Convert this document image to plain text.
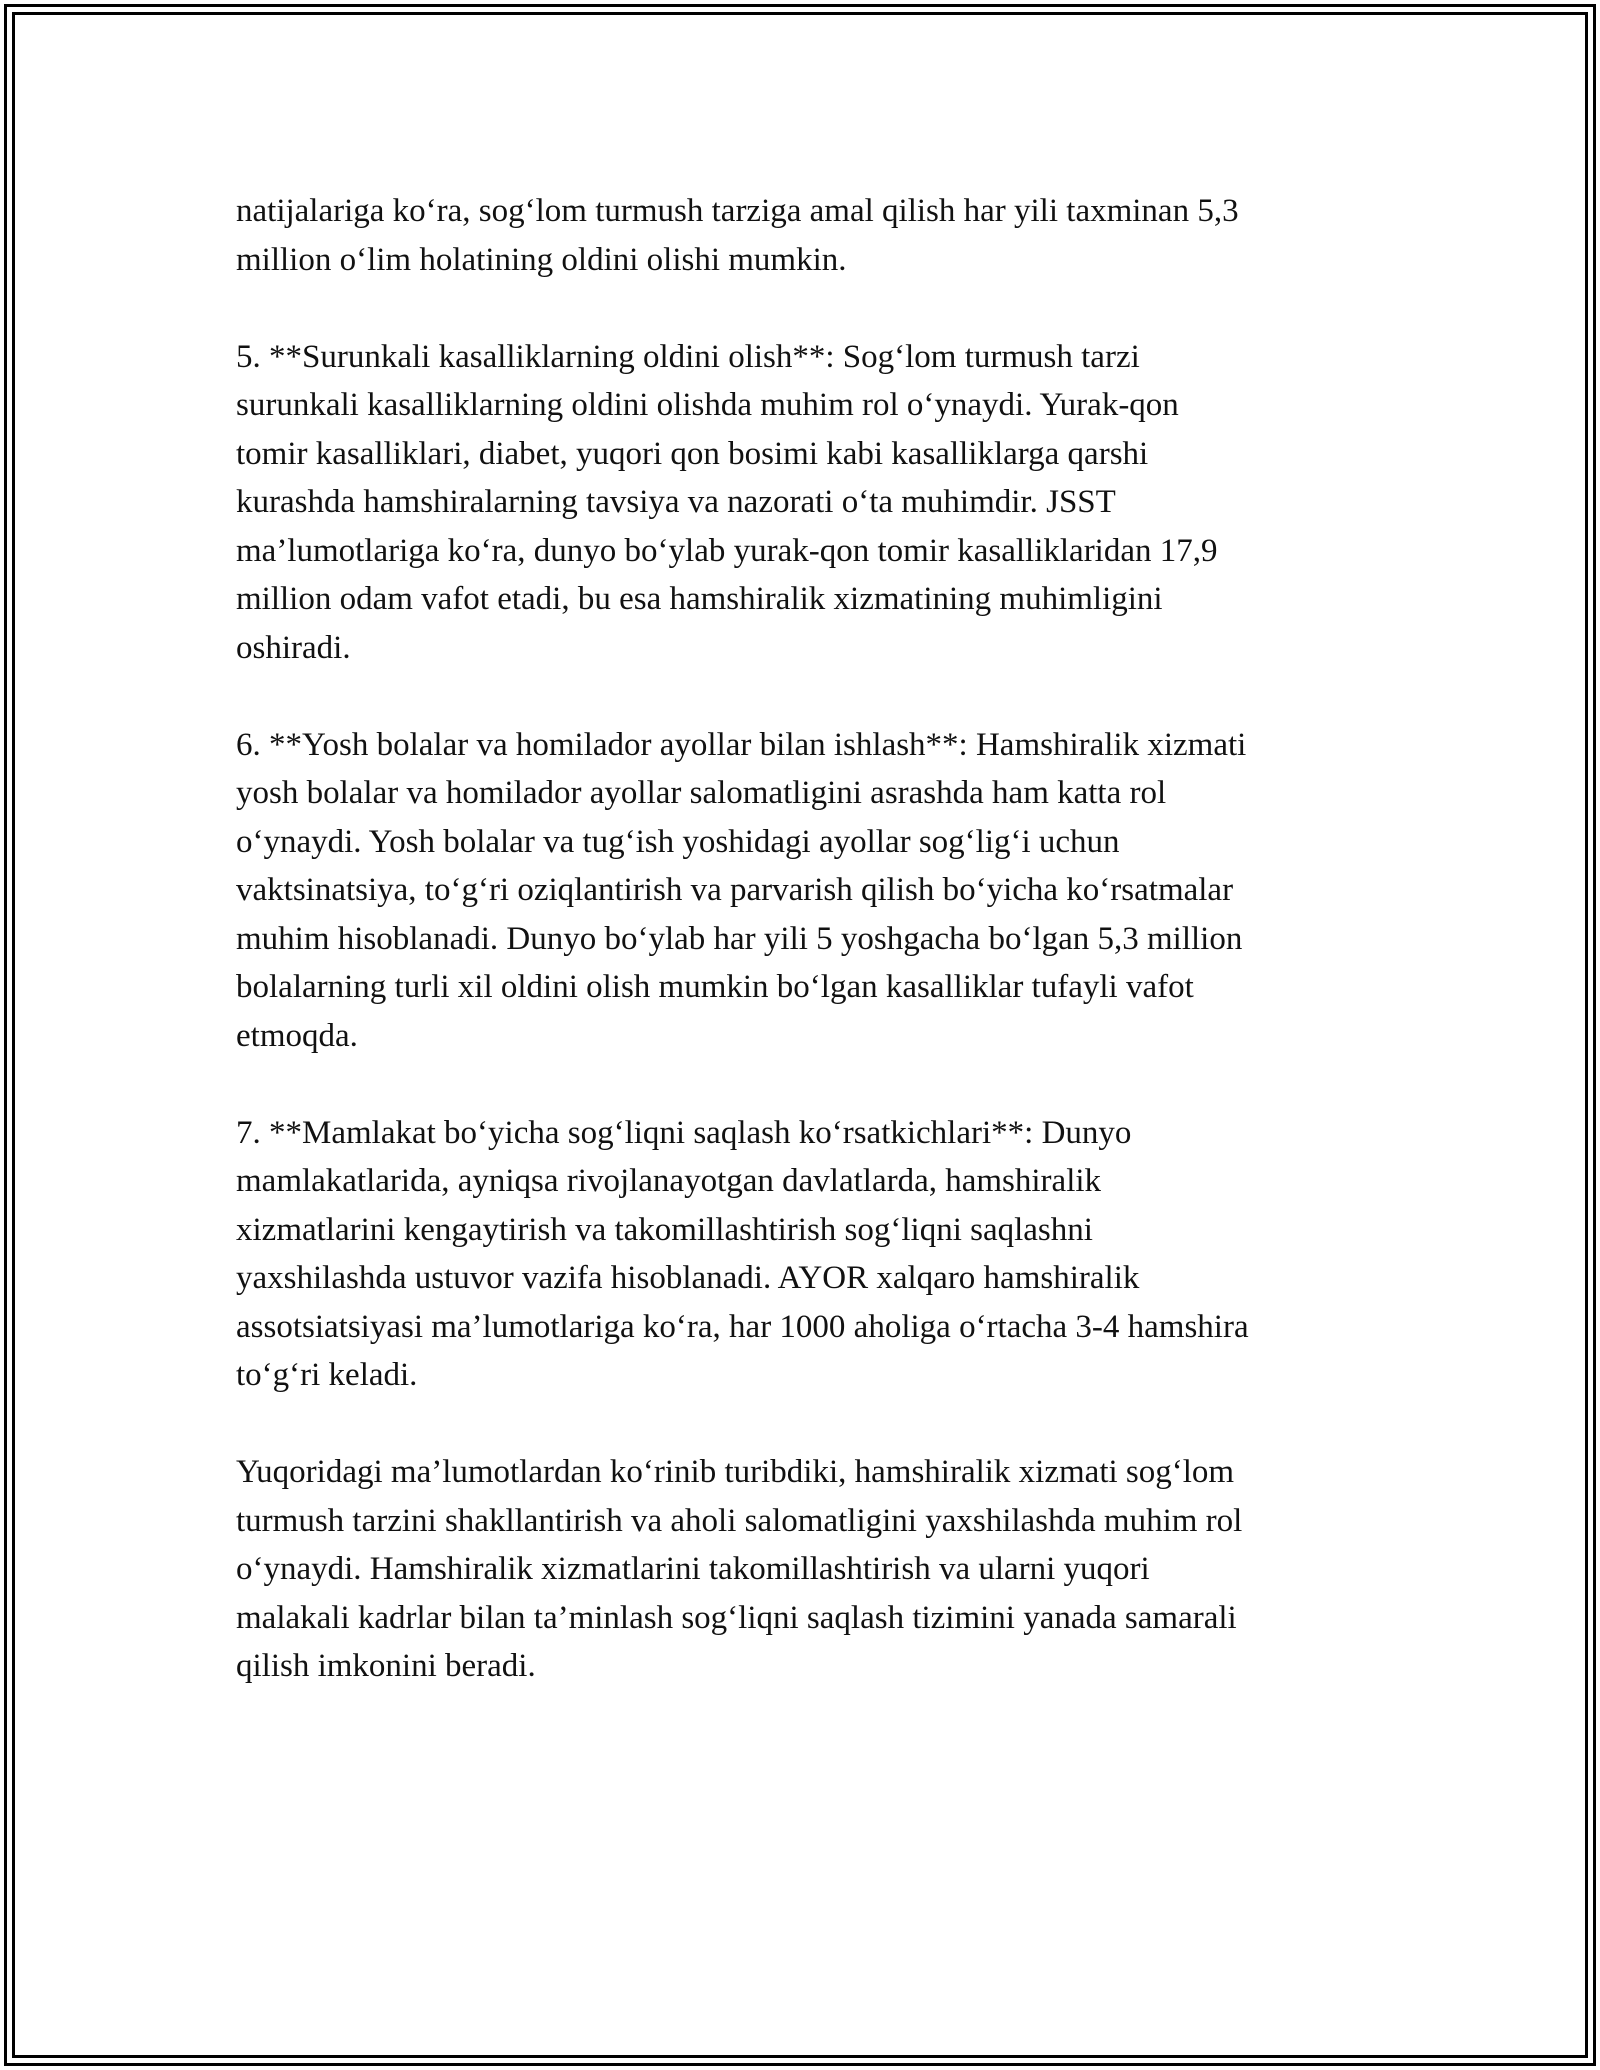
natijalariga ko‘ra, sog‘lom turmush tarziga amal qilish har yili taxminan 5,3
million o‘lim holatining oldini olishi mumkin.

5. **Surunkali kasalliklarning oldini olish**: Sog‘lom turmush tarzi
surunkali kasalliklarning oldini olishda muhim rol o‘ynaydi. Yurak-qon
tomir kasalliklari, diabet, yuqori qon bosimi kabi kasalliklarga qarshi
kurashda hamshiralarning tavsiya va nazorati o‘ta muhimdir. JSST
ma’lumotlariga ko‘ra, dunyo bo‘ylab yurak-qon tomir kasalliklaridan 17,9
million odam vafot etadi, bu esa hamshiralik xizmatining muhimligini
oshiradi.

6. **Yosh bolalar va homilador ayollar bilan ishlash**: Hamshiralik xizmati
yosh bolalar va homilador ayollar salomatligini asrashda ham katta rol
o‘ynaydi. Yosh bolalar va tug‘ish yoshidagi ayollar sog‘lig‘i uchun
vaktsinatsiya, to‘g‘ri oziqlantirish va parvarish qilish bo‘yicha ko‘rsatmalar
muhim hisoblanadi. Dunyo bo‘ylab har yili 5 yoshgacha bo‘lgan 5,3 million
bolalarning turli xil oldini olish mumkin bo‘lgan kasalliklar tufayli vafot
etmoqda.

7. **Mamlakat bo‘yicha sog‘liqni saqlash ko‘rsatkichlari**: Dunyo
mamlakatlarida, ayniqsa rivojlanayotgan davlatlarda, hamshiralik
xizmatlarini kengaytirish va takomillashtirish sog‘liqni saqlashni
yaxshilashda ustuvor vazifa hisoblanadi. AYOR xalqaro hamshiralik
assotsiatsiyasi ma’lumotlariga ko‘ra, har 1000 aholiga o‘rtacha 3-4 hamshira
to‘g‘ri keladi.

Yuqoridagi ma’lumotlardan ko‘rinib turibdiki, hamshiralik xizmati sog‘lom
turmush tarzini shakllantirish va aholi salomatligini yaxshilashda muhim rol
o‘ynaydi. Hamshiralik xizmatlarini takomillashtirish va ularni yuqori
malakali kadrlar bilan ta’minlash sog‘liqni saqlash tizimini yanada samarali
qilish imkonini beradi.
